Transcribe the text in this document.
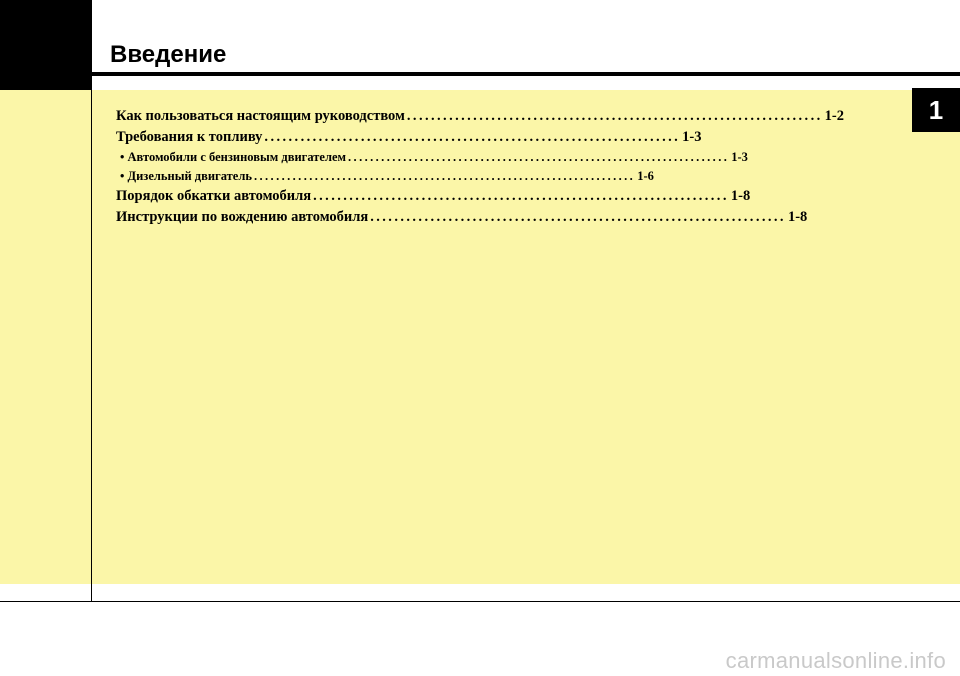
Введение
1
Как пользоваться настоящим руководством ..................................................................... 1-2
Требования к топливу ..................................................................... 1-3
• Автомобили с бензиновым двигателем ..................................................................... 1-3
• Дизельный двигатель ..................................................................... 1-6
Порядок обкатки автомобиля ..................................................................... 1-8
Инструкции по вождению автомобиля ..................................................................... 1-8
carmanualsonline.info
